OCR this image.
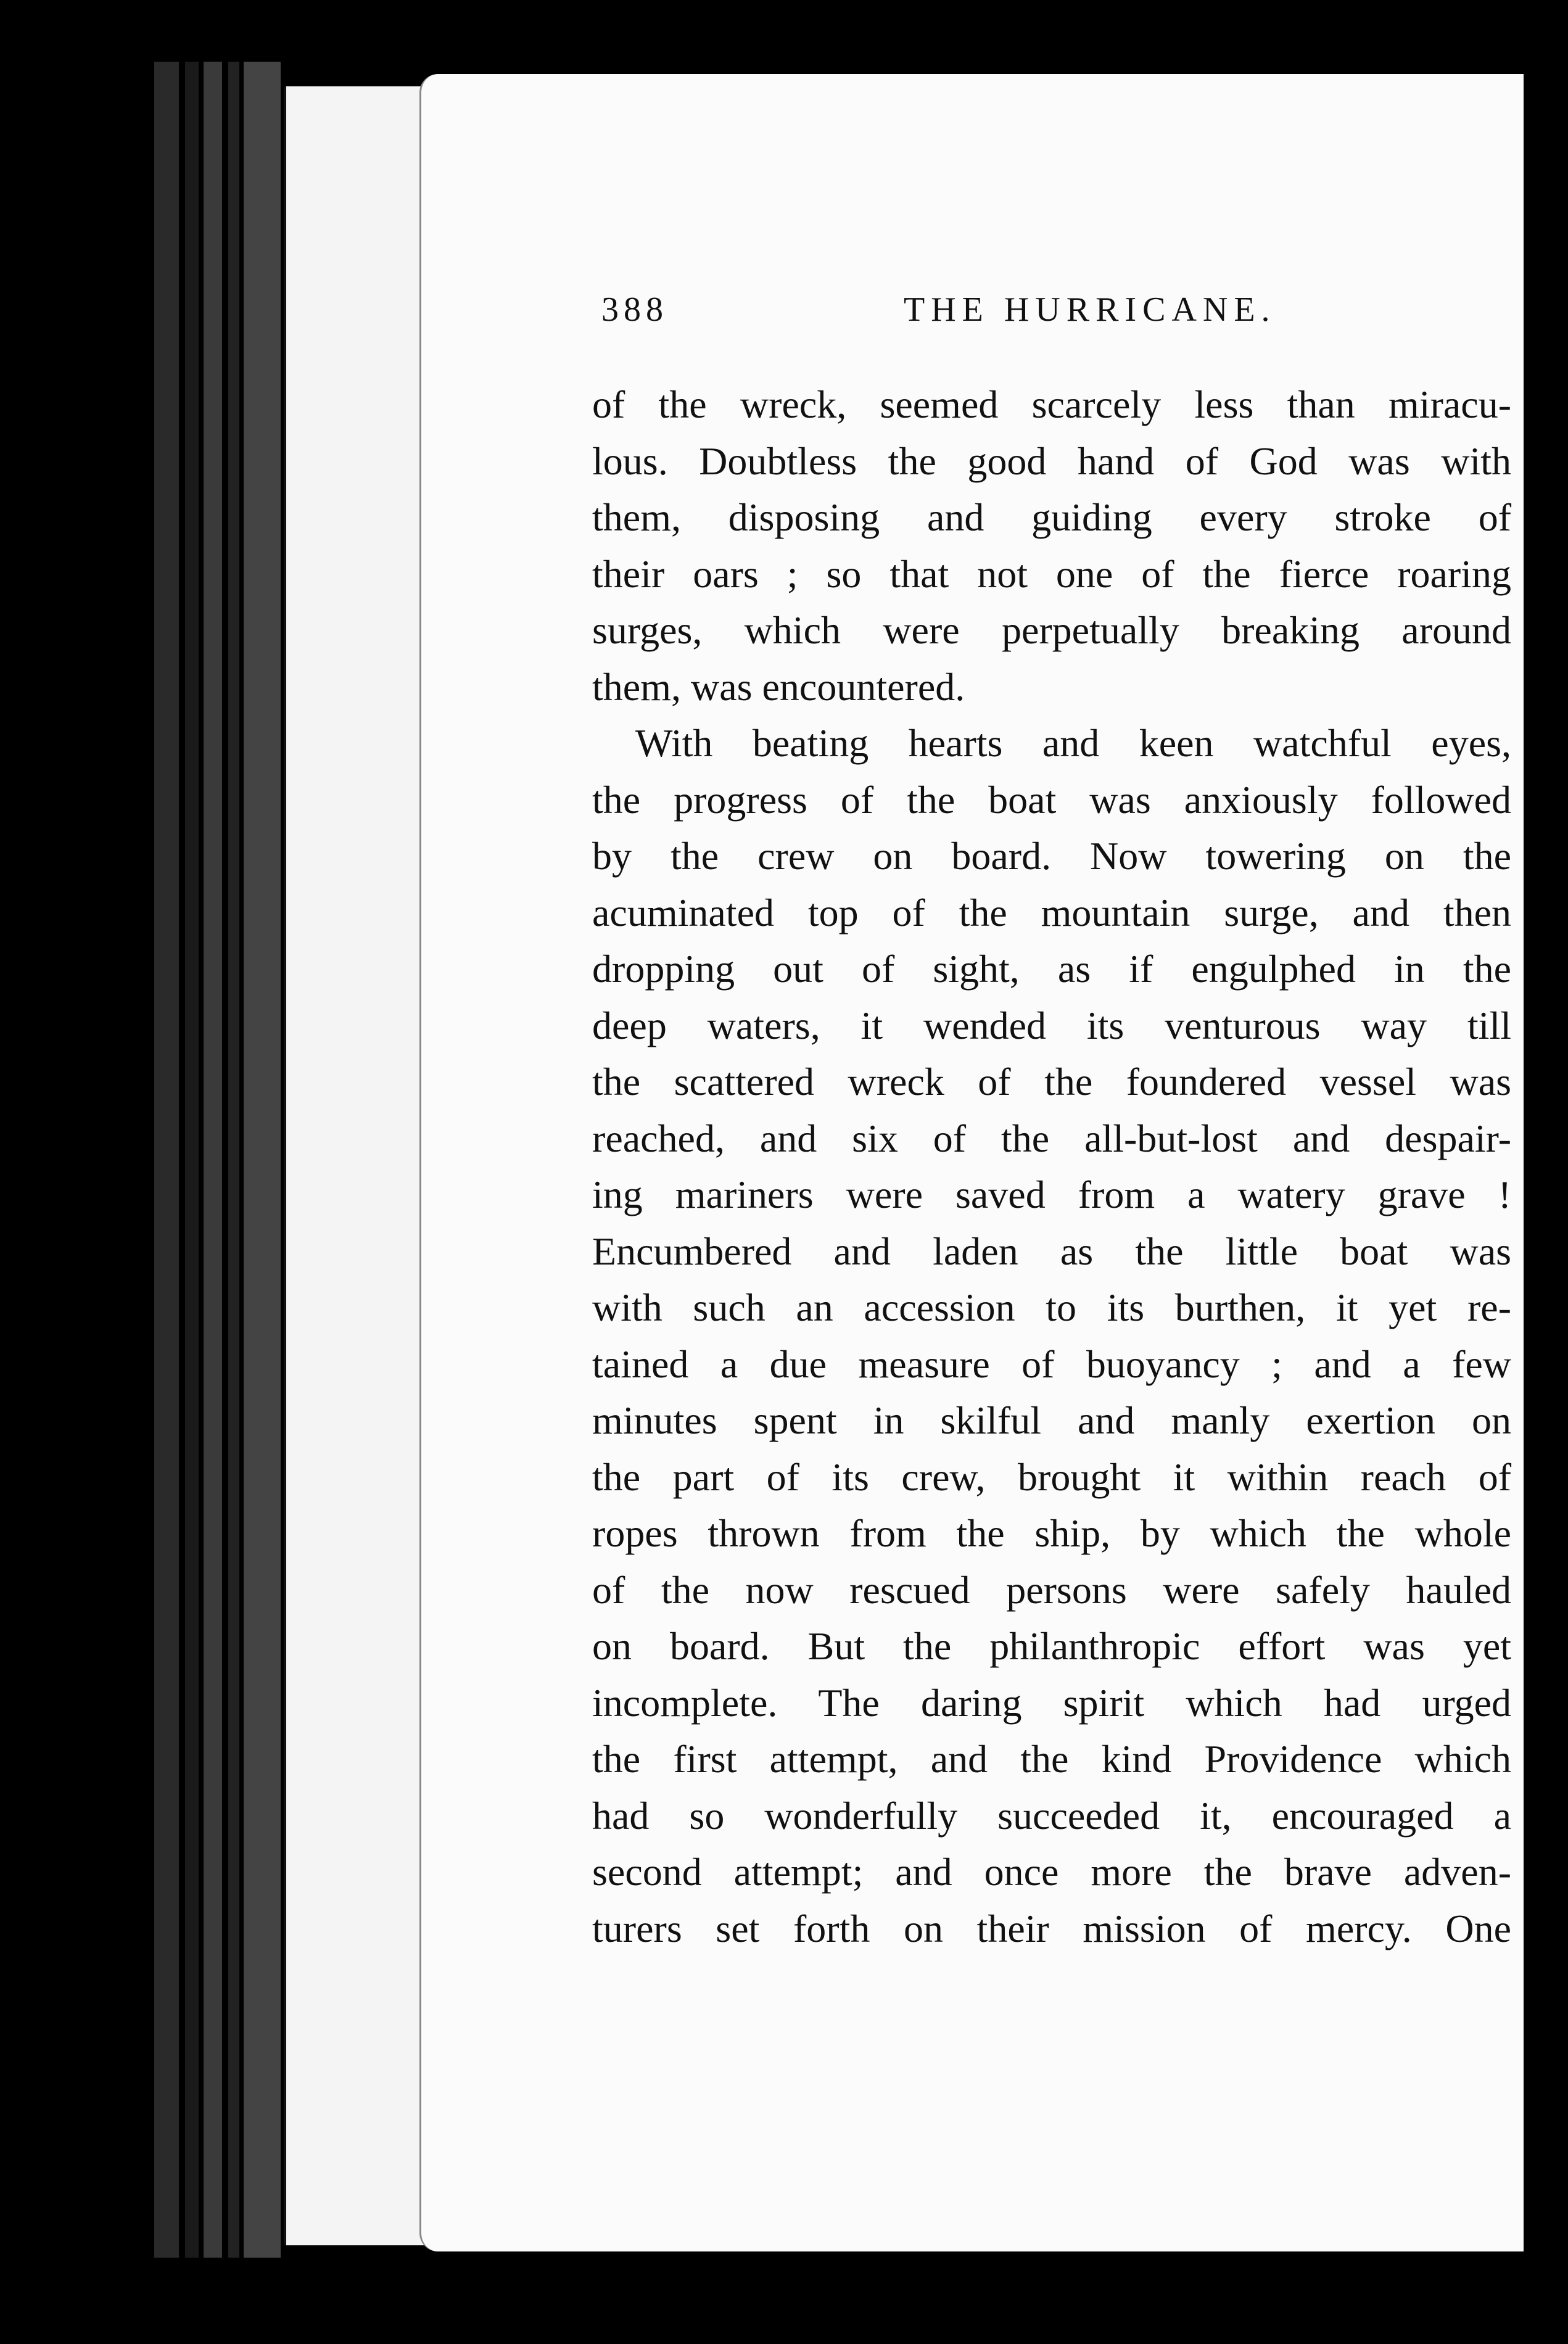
388	THE HURRICANE.
of the wreck, seemed scarcely less than miracu-
lous. Doubtless the good hand of God was with
them, disposing and guiding every stroke of
their oars ; so that not one of the fierce roaring
surges, which were perpetually breaking around
them, was encountered.
With beating hearts and keen watchful eyes,
the progress of the boat was anxiously followed
by the crew on board. Now towering on the
acuminated top of the mountain surge, and then
dropping out of sight, as if engulphed in the
deep waters, it wended its venturous way till
the scattered wreck of the foundered vessel was
reached, and six of the all-but-lost and despair-
ing mariners were saved from a watery grave !
Encumbered and laden as the little boat was
with such an accession to its burthen, it yet re-
tained a due measure of buoyancy ; and a few
minutes spent in skilful and manly exertion on
the part of its crew, brought it within reach of
ropes thrown from the ship, by which the whole
of the now rescued persons were safely hauled
on board. But the philanthropic effort was yet
incomplete. The daring spirit which had urged
the first attempt, and the kind Providence which
had so wonderfully succeeded it, encouraged a
second attempt; and once more the brave adven-
turers set forth on their mission of mercy. One
